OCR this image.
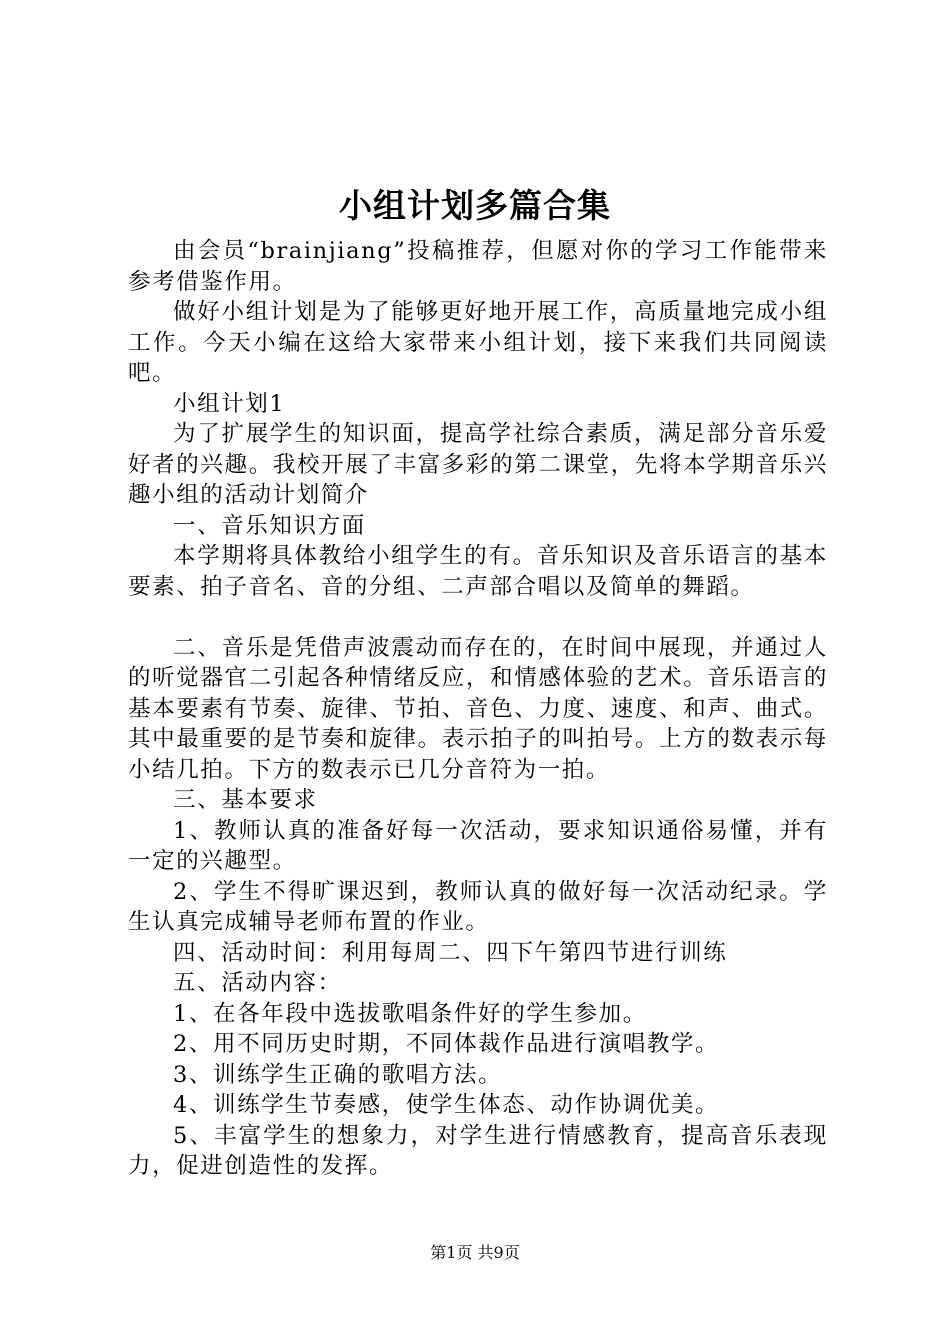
小组计划多篇合集

由会员“brainjiang”投稿推荐，但愿对你的学习工作能带来参考借鉴作用。

做好小组计划是为了能够更好地开展工作，高质量地完成小组工作。今天小编在这给大家带来小组计划，接下来我们共同阅读吧。

小组计划1

为了扩展学生的知识面，提高学社综合素质，满足部分音乐爱好者的兴趣。我校开展了丰富多彩的第二课堂，先将本学期音乐兴趣小组的活动计划简介

一、音乐知识方面

本学期将具体教给小组学生的有。音乐知识及音乐语言的基本要素、拍子音名、音的分组、二声部合唱以及简单的舞蹈。

二、音乐是凭借声波震动而存在的，在时间中展现，并通过人的听觉器官二引起各种情绪反应，和情感体验的艺术。音乐语言的基本要素有节奏、旋律、节拍、音色、力度、速度、和声、曲式。其中最重要的是节奏和旋律。表示拍子的叫拍号。上方的数表示每小结几拍。下方的数表示已几分音符为一拍。

三、基本要求

1、教师认真的准备好每一次活动，要求知识通俗易懂，并有一定的兴趣型。

2、学生不得旷课迟到，教师认真的做好每一次活动纪录。学生认真完成辅导老师布置的作业。

四、活动时间：利用每周二、四下午第四节进行训练

五、活动内容：

1、在各年段中选拔歌唱条件好的学生参加。

2、用不同历史时期，不同体裁作品进行演唱教学。

3、训练学生正确的歌唱方法。

4、训练学生节奏感，使学生体态、动作协调优美。

5、丰富学生的想象力，对学生进行情感教育，提高音乐表现力，促进创造性的发挥。

第1页 共9页
